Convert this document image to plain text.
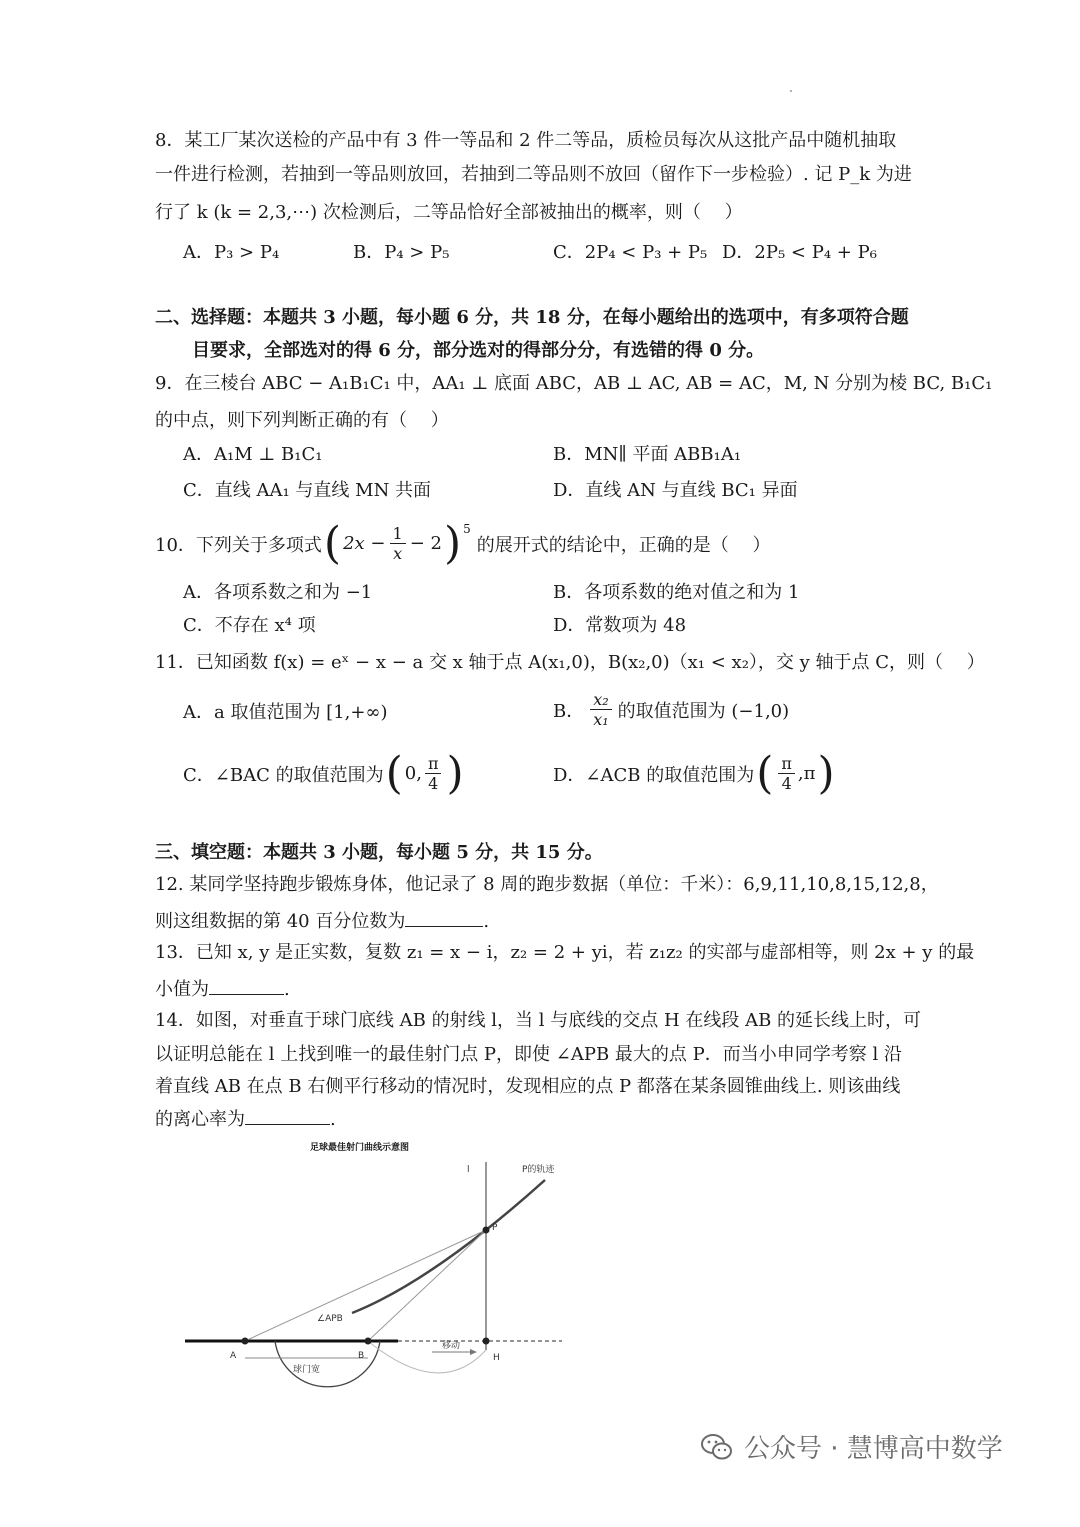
8．某工厂某次送检的产品中有 3 件一等品和 2 件二等品，质检员每次从这批产品中随机抽取
一件进行检测，若抽到一等品则放回，若抽到二等品则不放回（留作下一步检验）. 记 P_k 为进
行了 k (k = 2,3,⋯) 次检测后，二等品恰好全部被抽出的概率，则（　 ）
A．P₃ > P₄	B．P₄ > P₅	C．2P₄ < P₃ + P₅ D．2P₅ < P₄ + P₆
二、选择题：本题共 3 小题，每小题 6 分，共 18 分，在每小题给出的选项中，有多项符合题
目要求，全部选对的得 6 分，部分选对的得部分分，有选错的得 0 分。
9．在三棱台 ABC − A₁B₁C₁ 中，AA₁ ⊥ 底面 ABC，AB ⊥ AC, AB = AC，M, N 分别为棱 BC, B₁C₁
的中点，则下列判断正确的有（　 ）
A．A₁M ⊥ B₁C₁	B．MN∥ 平面 ABB₁A₁
C．直线 AA₁ 与直线 MN 共面	D．直线 AN 与直线 BC₁ 异面
10．下列关于多项式 ( $2x - \frac{1}{x} - 2$ ) 5
的展开式的结论中，正确的是（　 ）
A．各项系数之和为 −1	B．各项系数的绝对值之和为 1
C．不存在 x⁴ 项	D．常数项为 48
11．已知函数 f(x) = eˣ − x − a 交 x 轴于点 A(x₁,0)，B(x₂,0)（x₁ < x₂），交 y 轴于点 C，则（　 ）
A．a 取值范围为 [1,+∞)	B． $\frac{\text{x₂}}{\text{x₁}}$ 的取值范围为 (−1,0)
C．∠BAC 的取值范围为 ( 0, $\frac{\pi}{4}$ )	D．∠ACB 的取值范围为 ( $\frac{\pi}{4} ,\pi$ )
三、填空题：本题共 3 小题，每小题 5 分，共 15 分。
12. 某同学坚持跑步锻炼身体，他记录了 8 周的跑步数据（单位：千米）：6,9,11,10,8,15,12,8，
则这组数据的第 40 百分位数为	.
13．已知 x, y 是正实数，复数 z₁ = x − i，z₂ = 2 + yi，若 z₁z₂ 的实部与虚部相等，则 2x + y 的最
小值为	.
14．如图，对垂直于球门底线 AB 的射线 l，当 l 与底线的交点 H 在线段 AB 的延长线上时，可
以证明总能在 l 上找到唯一的最佳射门点 P，即使 ∠APB 最大的点 P．而当小申同学考察 l 沿
着直线 AB 在点 B 右侧平行移动的情况时，发现相应的点 P 都落在某条圆锥曲线上. 则该曲线
的离心率为	.
足球最佳射门曲线示意图
l	P的轨迹
P
∠APB
A	B	H
球门宽
移动
公众号 · 慧博高中数学
